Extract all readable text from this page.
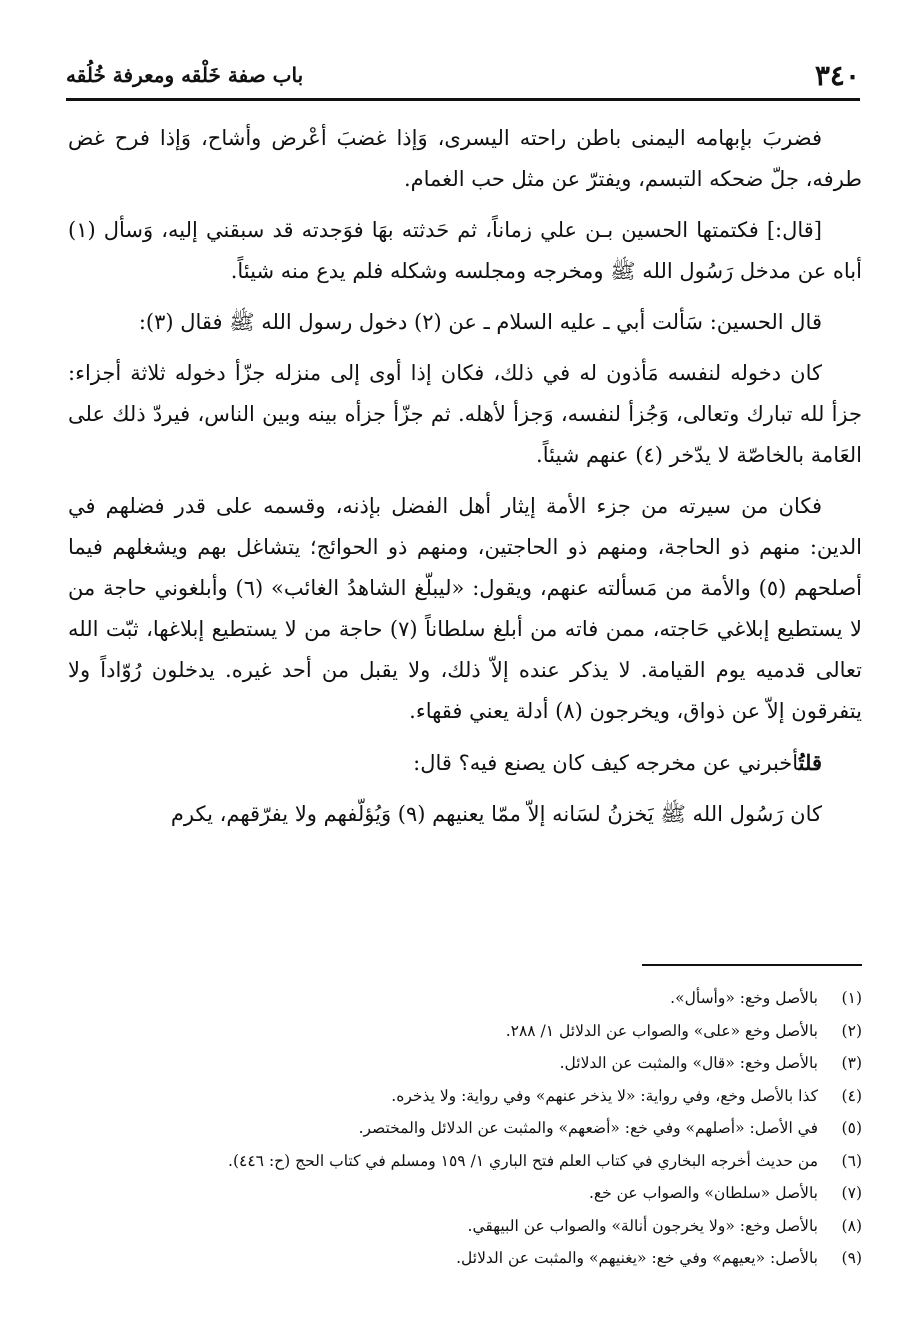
٣٤٠
باب صفة خَلْقه ومعرفة خُلُقه

فضربَ بإبهامه اليمنى باطن راحته اليسرى، وَإذا غضبَ أعْرض وأشاح، وَإذا فرح غض طرفه، جلّ ضحكه التبسم، ويفترّ عن مثل حب الغمام.

[قال:] فكتمتها الحسين بـن علي زماناً، ثم حَدثته بهَا فوَجدته قد سبقني إليه، وَسأل (١) أباه عن مدخل رَسُول الله ﷺ ومخرجه ومجلسه وشكله فلم يدع منه شيئاً.

قال الحسين: سَألت أبي ـ عليه السلام ـ عن (٢) دخول رسول الله ﷺ فقال (٣):

كان دخوله لنفسه مَأذون له في ذلك، فكان إذا أوى إلى منزله جزّأ دخوله ثلاثة أجزاء: جزأ لله تبارك وتعالى، وَجُزأ لنفسه، وَجزأ لأهله. ثم جزّأ جزأه بينه وبين الناس، فيردّ ذلك على العَامة بالخاصّة لا يدّخر (٤) عنهم شيئاً.

فكان من سيرته من جزء الأمة إيثار أهل الفضل بإذنه، وقسمه على قدر فضلهم في الدين: منهم ذو الحاجة، ومنهم ذو الحاجتين، ومنهم ذو الحوائج؛ يتشاغل بهم ويشغلهم فيما أصلحهم (٥) والأمة من مَسألته عنهم، ويقول: «ليبلّغ الشاهدُ الغائب» (٦) وأبلغوني حاجة من لا يستطيع إبلاغي حَاجته، ممن فاته من أبلغ سلطاناً (٧) حاجة من لا يستطيع إبلاغها، ثبّت الله تعالى قدميه يوم القيامة. لا يذكر عنده إلاّ ذلك، ولا يقبل من أحد غيره. يدخلون رُوّاداً ولا يتفرقون إلاّ عن ذواق، ويخرجون (٨) أدلة يعني فقهاء.

قلتُأخبرني عن مخرجه كيف كان يصنع فيه؟ قال:

كان رَسُول الله ﷺ يَخزنُ لسَانه إلاّ ممّا يعنيهم (٩) وَيُؤلّفهم ولا يفرّقهم، يكرم

(١)
بالأصل وخع: «وأسأل».
(٢)
بالأصل وخع «على» والصواب عن الدلائل ١/ ٢٨٨.
(٣)
بالأصل وخع: «قال» والمثبت عن الدلائل.
(٤)
كذا بالأصل وخع، وفي رواية: «لا يذخر عنهم» وفي رواية: ولا يذخره.
(٥)
في الأصل: «أصلهم» وفي خع: «أضعهم» والمثبت عن الدلائل والمختصر.
(٦)
من حديث أخرجه البخاري في كتاب العلم فتح الباري ١/ ١٥٩ ومسلم في كتاب الحج (ح: ٤٤٦).
(٧)
بالأصل «سلطان» والصواب عن خع.
(٨)
بالأصل وخع: «ولا يخرجون أنالة» والصواب عن البيهقي.
(٩)
بالأصل: «يعيهم» وفي خع: «يغنيهم» والمثبت عن الدلائل.
